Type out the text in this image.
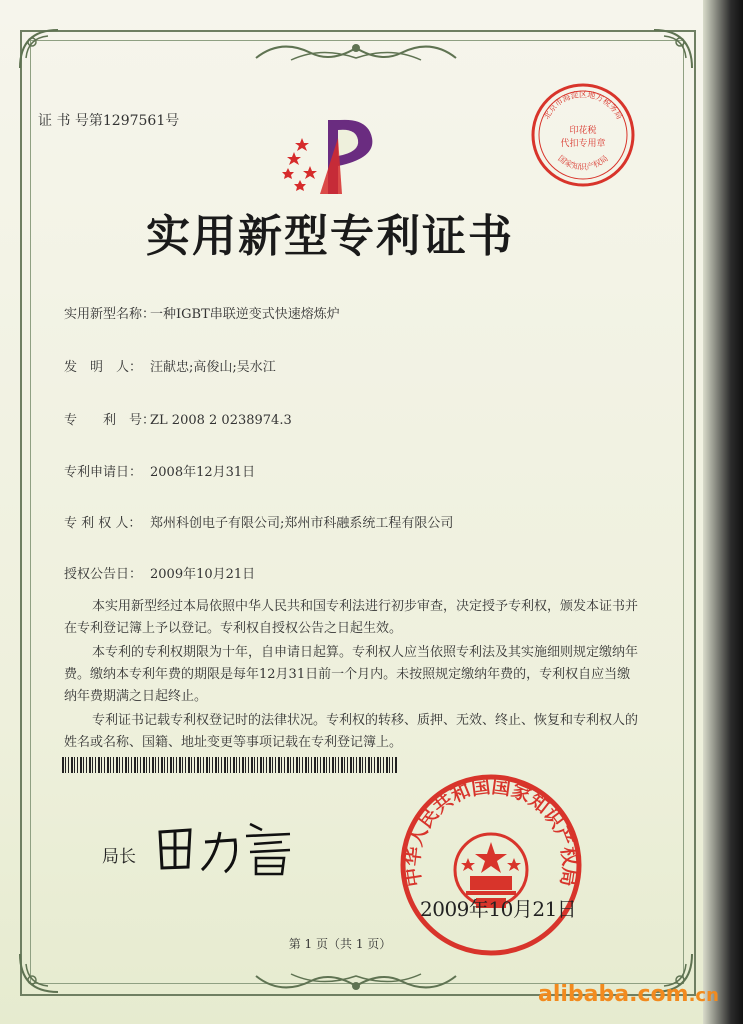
证 书 号第1297561号	北京市海淀区地方税务局
印花税
代扣专用章
国家知识产权局
实用新型专利证书
实用新型名称：一种IGBT串联逆变式快速熔炼炉
发　明　人： 汪献忠;高俊山;吴水江
专　　利　号：ZL 2008 2 0238974.3
专利申请日： 2008年12月31日
专 利 权 人： 郑州科创电子有限公司;郑州市科融系统工程有限公司
授权公告日： 2009年10月21日

本实用新型经过本局依照中华人民共和国专利法进行初步审查，决定授予专利权，颁发本证书并在专利登记簿上予以登记。专利权自授权公告之日起生效。

本专利的专利权期限为十年，自申请日起算。专利权人应当依照专利法及其实施细则规定缴纳年费。缴纳本专利年费的期限是每年12月31日前一个月内。未按照规定缴纳年费的，专利权自应当缴纳年费期满之日起终止。

专利证书记载专利权登记时的法律状况。专利权的转移、质押、无效、终止、恢复和专利权人的姓名或名称、国籍、地址变更等事项记载在专利登记簿上。

局长
中华人民共和国国家知识产权局
2009年10月21日
第 1 页（共 1 页）
alibaba.com.cn
